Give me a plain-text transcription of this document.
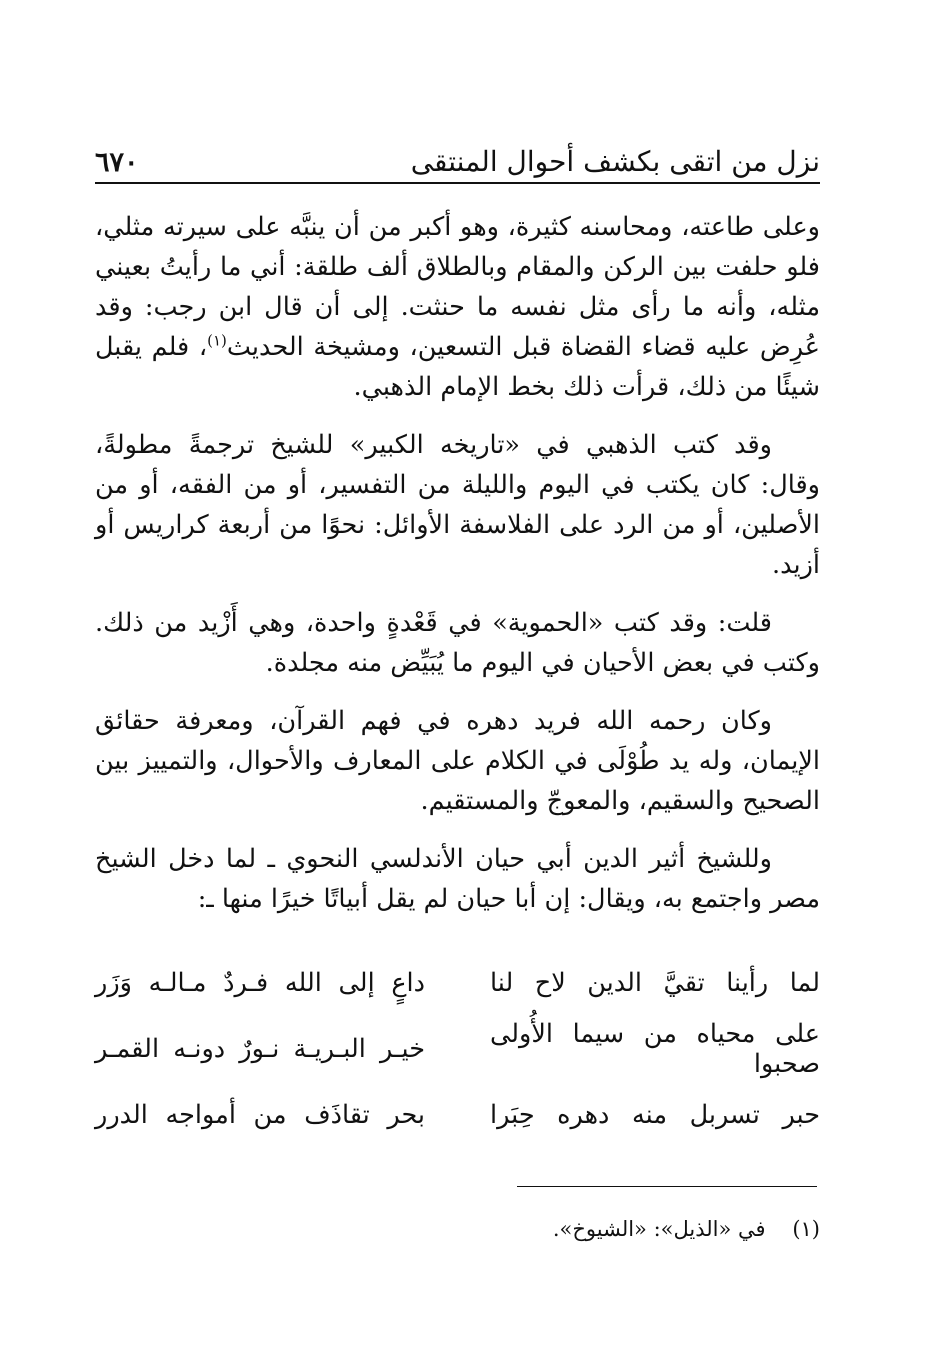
نزل من اتقى بكشف أحوال المنتقى
٦٧٠
وعلى طاعته، ومحاسنه كثيرة، وهو أكبر من أن ينبَّه على سيرته مثلي، فلو حلفت بين الركن والمقام وبالطلاق ألف طلقة: أني ما رأيتُ بعيني مثله، وأنه ما رأى مثل نفسه ما حنثت. إلى أن قال ابن رجب: وقد عُرِض عليه قضاء القضاة قبل التسعين، ومشيخة الحديث$^{(١)}$، فلم يقبل شيئًا من ذلك، قرأت ذلك بخط الإمام الذهبي.
وقد كتب الذهبي في «تاريخه الكبير» للشيخ ترجمةً مطولةً، وقال: كان يكتب في اليوم والليلة من التفسير، أو من الفقه، أو من الأصلين، أو من الرد على الفلاسفة الأوائل: نحوًا من أربعة كراريس أو أزيد.
قلت: وقد كتب «الحموية» في قَعْدةٍ واحدة، وهي أَزْيد من ذلك. وكتب في بعض الأحيان في اليوم ما يُبَيِّض منه مجلدة.
وكان رحمه الله فريد دهره في فهم القرآن، ومعرفة حقائق الإيمان، وله يد طُوْلَى في الكلام على المعارف والأحوال، والتمييز بين الصحيح والسقيم، والمعوجّ والمستقيم.
وللشيخ أثير الدين أبي حيان الأندلسي النحوي ـ لما دخل الشيخ مصر واجتمع به، ويقال: إن أبا حيان لم يقل أبياتًا خيرًا منها ـ:
لما رأينا تقيَّ الدين لاح لنا
داعٍ إلى الله فـردٌ مـالـه وَزَر
على محياه من سيما الأُولى صحبوا
خيـر البـريـة نـورٌ دونـه القمـر
حبر تسربل منه دهره حِبَرا
بحر تقاذَف من أمواجه الدرر
(١)    في «الذيل»: «الشيوخ».
